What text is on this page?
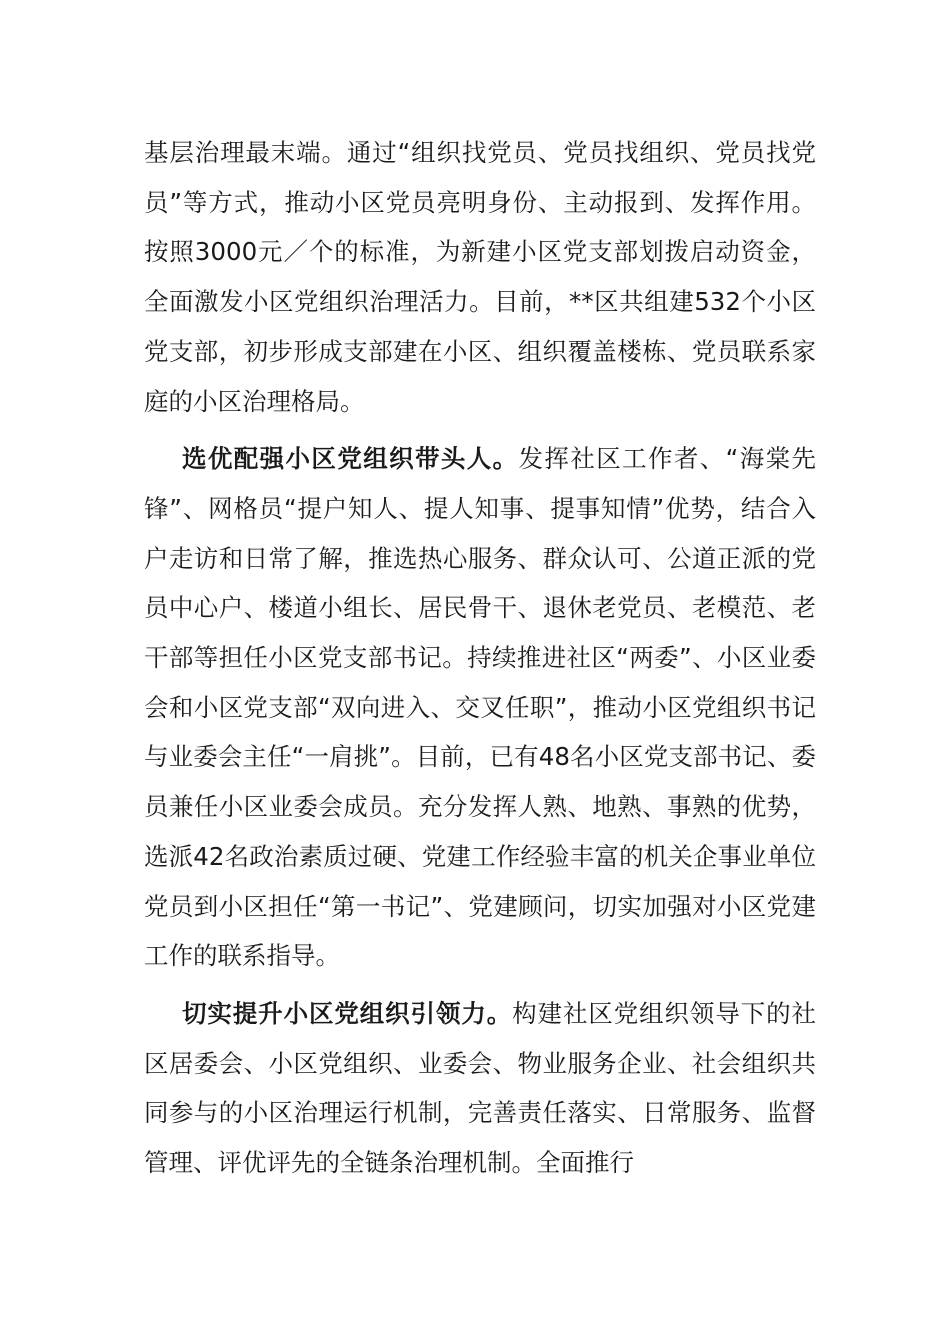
基层治理最末端。通过“组织找党员、党员找组织、党员找党员”等方式，推动小区党员亮明身份、主动报到、发挥作用。按照3000元／个的标准，为新建小区党支部划拨启动资金，全面激发小区党组织治理活力。目前，**区共组建532个小区党支部，初步形成支部建在小区、组织覆盖楼栋、党员联系家庭的小区治理格局。

选优配强小区党组织带头人。发挥社区工作者、“海棠先锋”、网格员“提户知人、提人知事、提事知情”优势，结合入户走访和日常了解，推选热心服务、群众认可、公道正派的党员中心户、楼道小组长、居民骨干、退休老党员、老模范、老干部等担任小区党支部书记。持续推进社区“两委”、小区业委会和小区党支部“双向进入、交叉任职”，推动小区党组织书记与业委会主任“一肩挑”。目前，已有48名小区党支部书记、委员兼任小区业委会成员。充分发挥人熟、地熟、事熟的优势，选派42名政治素质过硬、党建工作经验丰富的机关企事业单位党员到小区担任“第一书记”、党建顾问，切实加强对小区党建工作的联系指导。

切实提升小区党组织引领力。构建社区党组织领导下的社区居委会、小区党组织、业委会、物业服务企业、社会组织共同参与的小区治理运行机制，完善责任落实、日常服务、监督管理、评优评先的全链条治理机制。全面推行
